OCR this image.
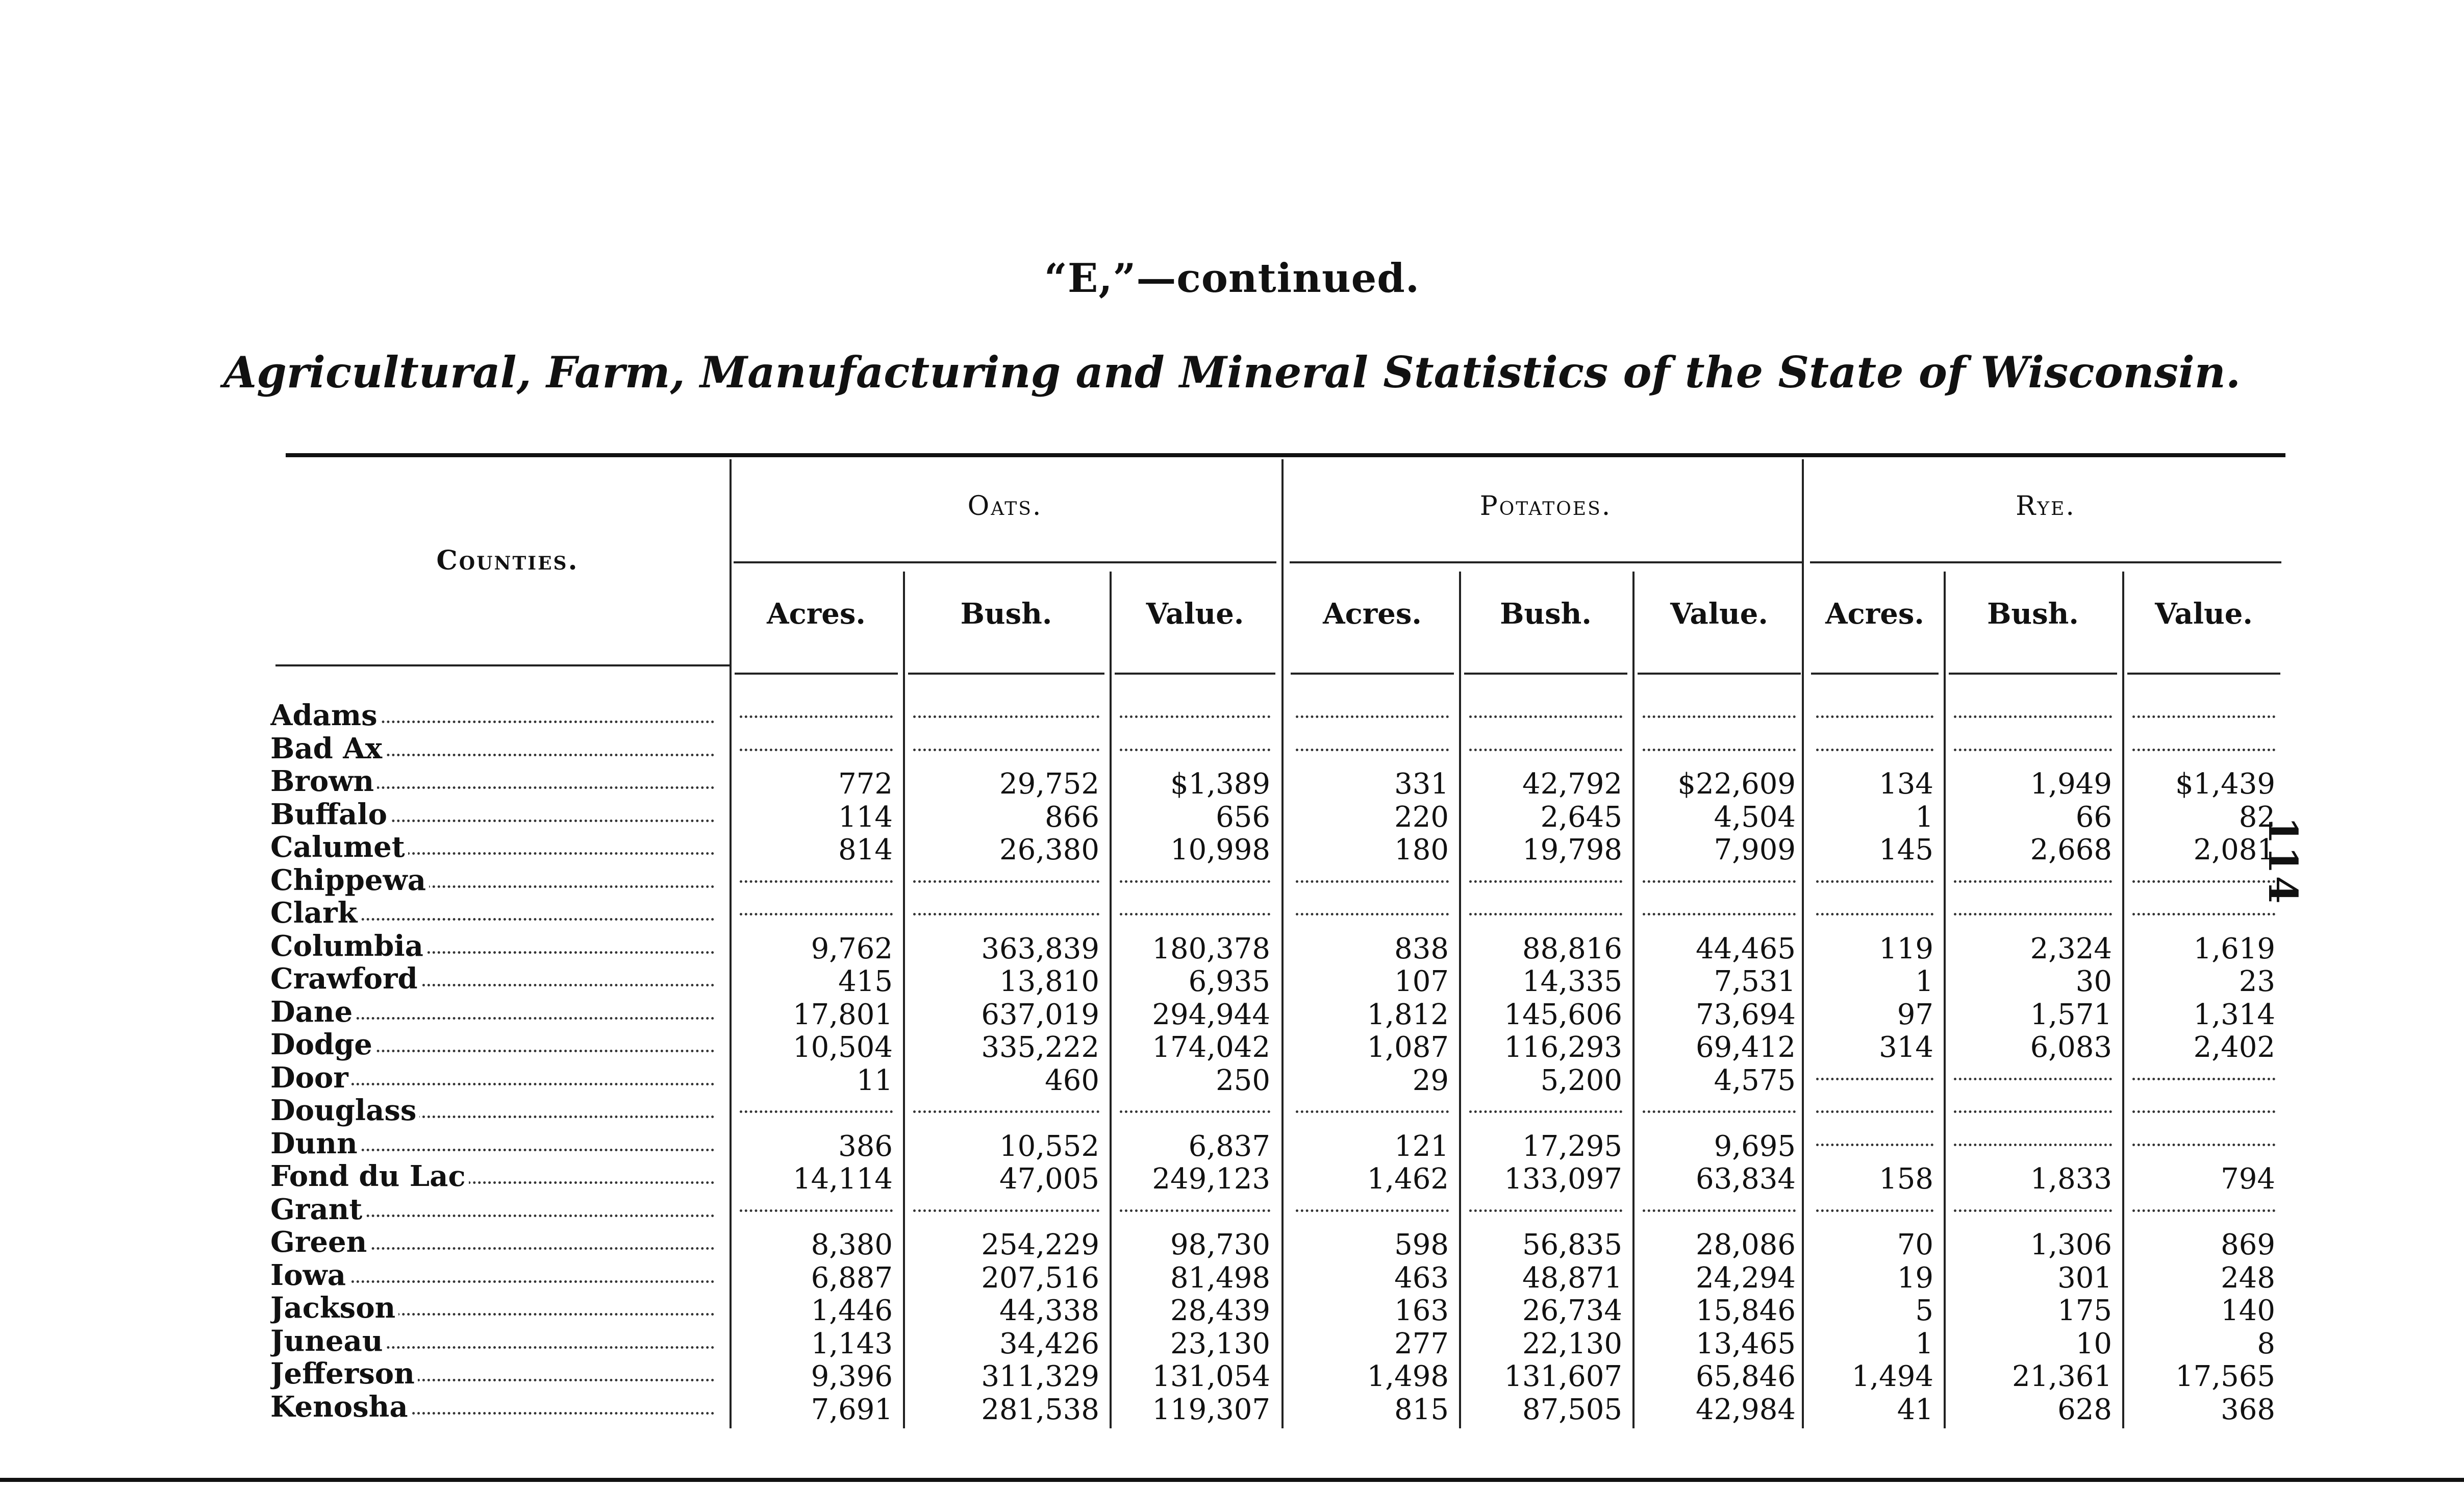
“E,”—continued.
Agricultural, Farm, Manufacturing and Mineral Statistics of the State of Wisconsin.
114
Counties.
Oats.
Acres.	Bush.	Value.
Potatoes.
Acres.	Bush.	Value.
Rye.
Acres.	Bush.	Value.
Adams
Bad Ax
Brown	772	29,752	$1,389	331	42,792	$22,609	134	1,949	$1,439
Buffalo	114	866	656	220	2,645	4,504	1	66	82
Calumet	814	26,380	10,998	180	19,798	7,909	145	2,668	2,081
Chippewa
Clark
Columbia	9,762	363,839	180,378	838	88,816	44,465	119	2,324	1,619
Crawford	415	13,810	6,935	107	14,335	7,531	1	30	23
Dane	17,801	637,019	294,944	1,812	145,606	73,694	97	1,571	1,314
Dodge	10,504	335,222	174,042	1,087	116,293	69,412	314	6,083	2,402
Door	11	460	250	29	5,200	4,575
Douglass
Dunn	386	10,552	6,837	121	17,295	9,695
Fond du Lac	14,114	47,005	249,123	1,462	133,097	63,834	158	1,833	794
Grant
Green	8,380	254,229	98,730	598	56,835	28,086	70	1,306	869
Iowa	6,887	207,516	81,498	463	48,871	24,294	19	301	248
Jackson	1,446	44,338	28,439	163	26,734	15,846	5	175	140
Juneau	1,143	34,426	23,130	277	22,130	13,465	1	10	8
Jefferson	9,396	311,329	131,054	1,498	131,607	65,846	1,494	21,361	17,565
Kenosha	7,691	281,538	119,307	815	87,505	42,984	41	628	368
